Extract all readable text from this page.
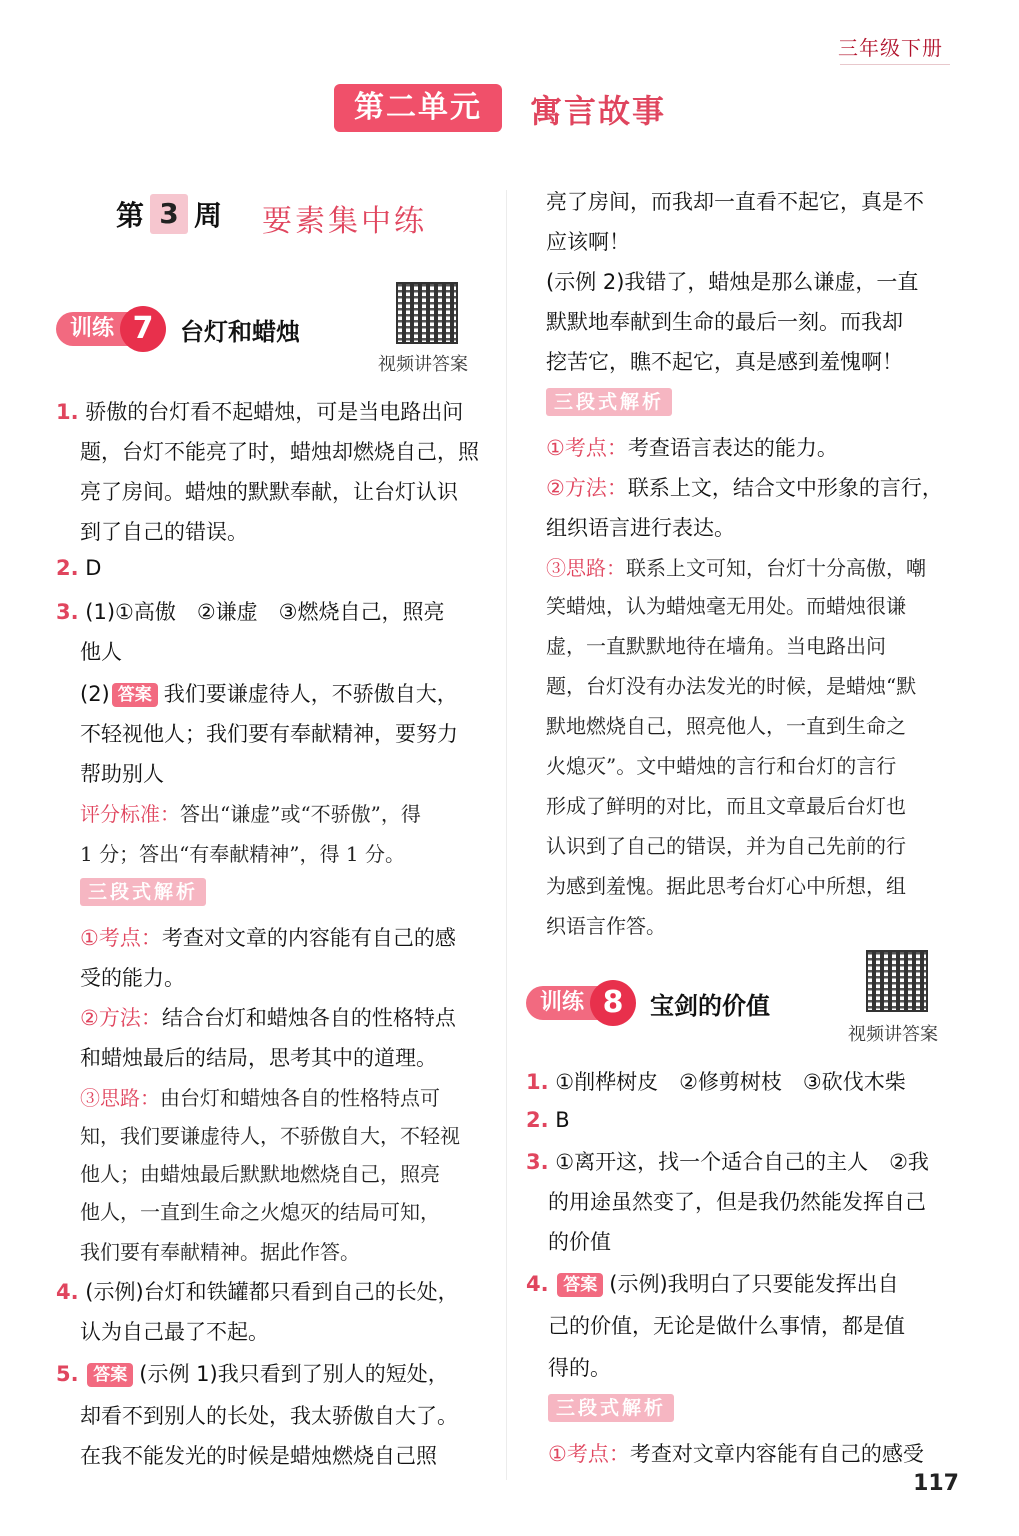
三年级下册
第二单元	寓言故事
第 3 周 要素集中练
训练 7	台灯和蜡烛
视频讲答案
1. 骄傲的台灯看不起蜡烛，可是当电路出问
题，台灯不能亮了时，蜡烛却燃烧自己，照
亮了房间。蜡烛的默默奉献，让台灯认识
到了自己的错误。
2. D
3. (1)①高傲　②谦虚　③燃烧自己，照亮
他人
(2) 答案 我们要谦虚待人，不骄傲自大，
不轻视他人；我们要有奉献精神，要努力
帮助别人
评分标准：答出“谦虚”或“不骄傲”，得
1 分；答出“有奉献精神”，得 1 分。
三段式解析
①考点：考查对文章的内容能有自己的感
受的能力。
②方法：结合台灯和蜡烛各自的性格特点
和蜡烛最后的结局，思考其中的道理。
③思路：由台灯和蜡烛各自的性格特点可
知，我们要谦虚待人，不骄傲自大，不轻视
他人；由蜡烛最后默默地燃烧自己，照亮
他人，一直到生命之火熄灭的结局可知，
我们要有奉献精神。据此作答。
4. (示例)台灯和铁罐都只看到自己的长处，
认为自己最了不起。
5. 答案 (示例 1)我只看到了别人的短处，
却看不到别人的长处，我太骄傲自大了。
在我不能发光的时候是蜡烛燃烧自己照
亮了房间，而我却一直看不起它，真是不
应该啊！
(示例 2)我错了，蜡烛是那么谦虚，一直
默默地奉献到生命的最后一刻。而我却
挖苦它，瞧不起它，真是感到羞愧啊！
三段式解析
①考点：考查语言表达的能力。
②方法：联系上文，结合文中形象的言行，
组织语言进行表达。
③思路：联系上文可知，台灯十分高傲，嘲
笑蜡烛，认为蜡烛毫无用处。而蜡烛很谦
虚，一直默默地待在墙角。当电路出问
题，台灯没有办法发光的时候，是蜡烛“默
默地燃烧自己，照亮他人，一直到生命之
火熄灭”。文中蜡烛的言行和台灯的言行
形成了鲜明的对比，而且文章最后台灯也
认识到了自己的错误，并为自己先前的行
为感到羞愧。据此思考台灯心中所想，组
织语言作答。
训练 8	宝剑的价值
视频讲答案
1. ①削桦树皮　②修剪树枝　③砍伐木柴
2. B
3. ①离开这，找一个适合自己的主人　②我
的用途虽然变了，但是我仍然能发挥自己
的价值
4. 答案 (示例)我明白了只要能发挥出自
己的价值，无论是做什么事情，都是值
得的。
三段式解析
①考点：考查对文章内容能有自己的感受
117
